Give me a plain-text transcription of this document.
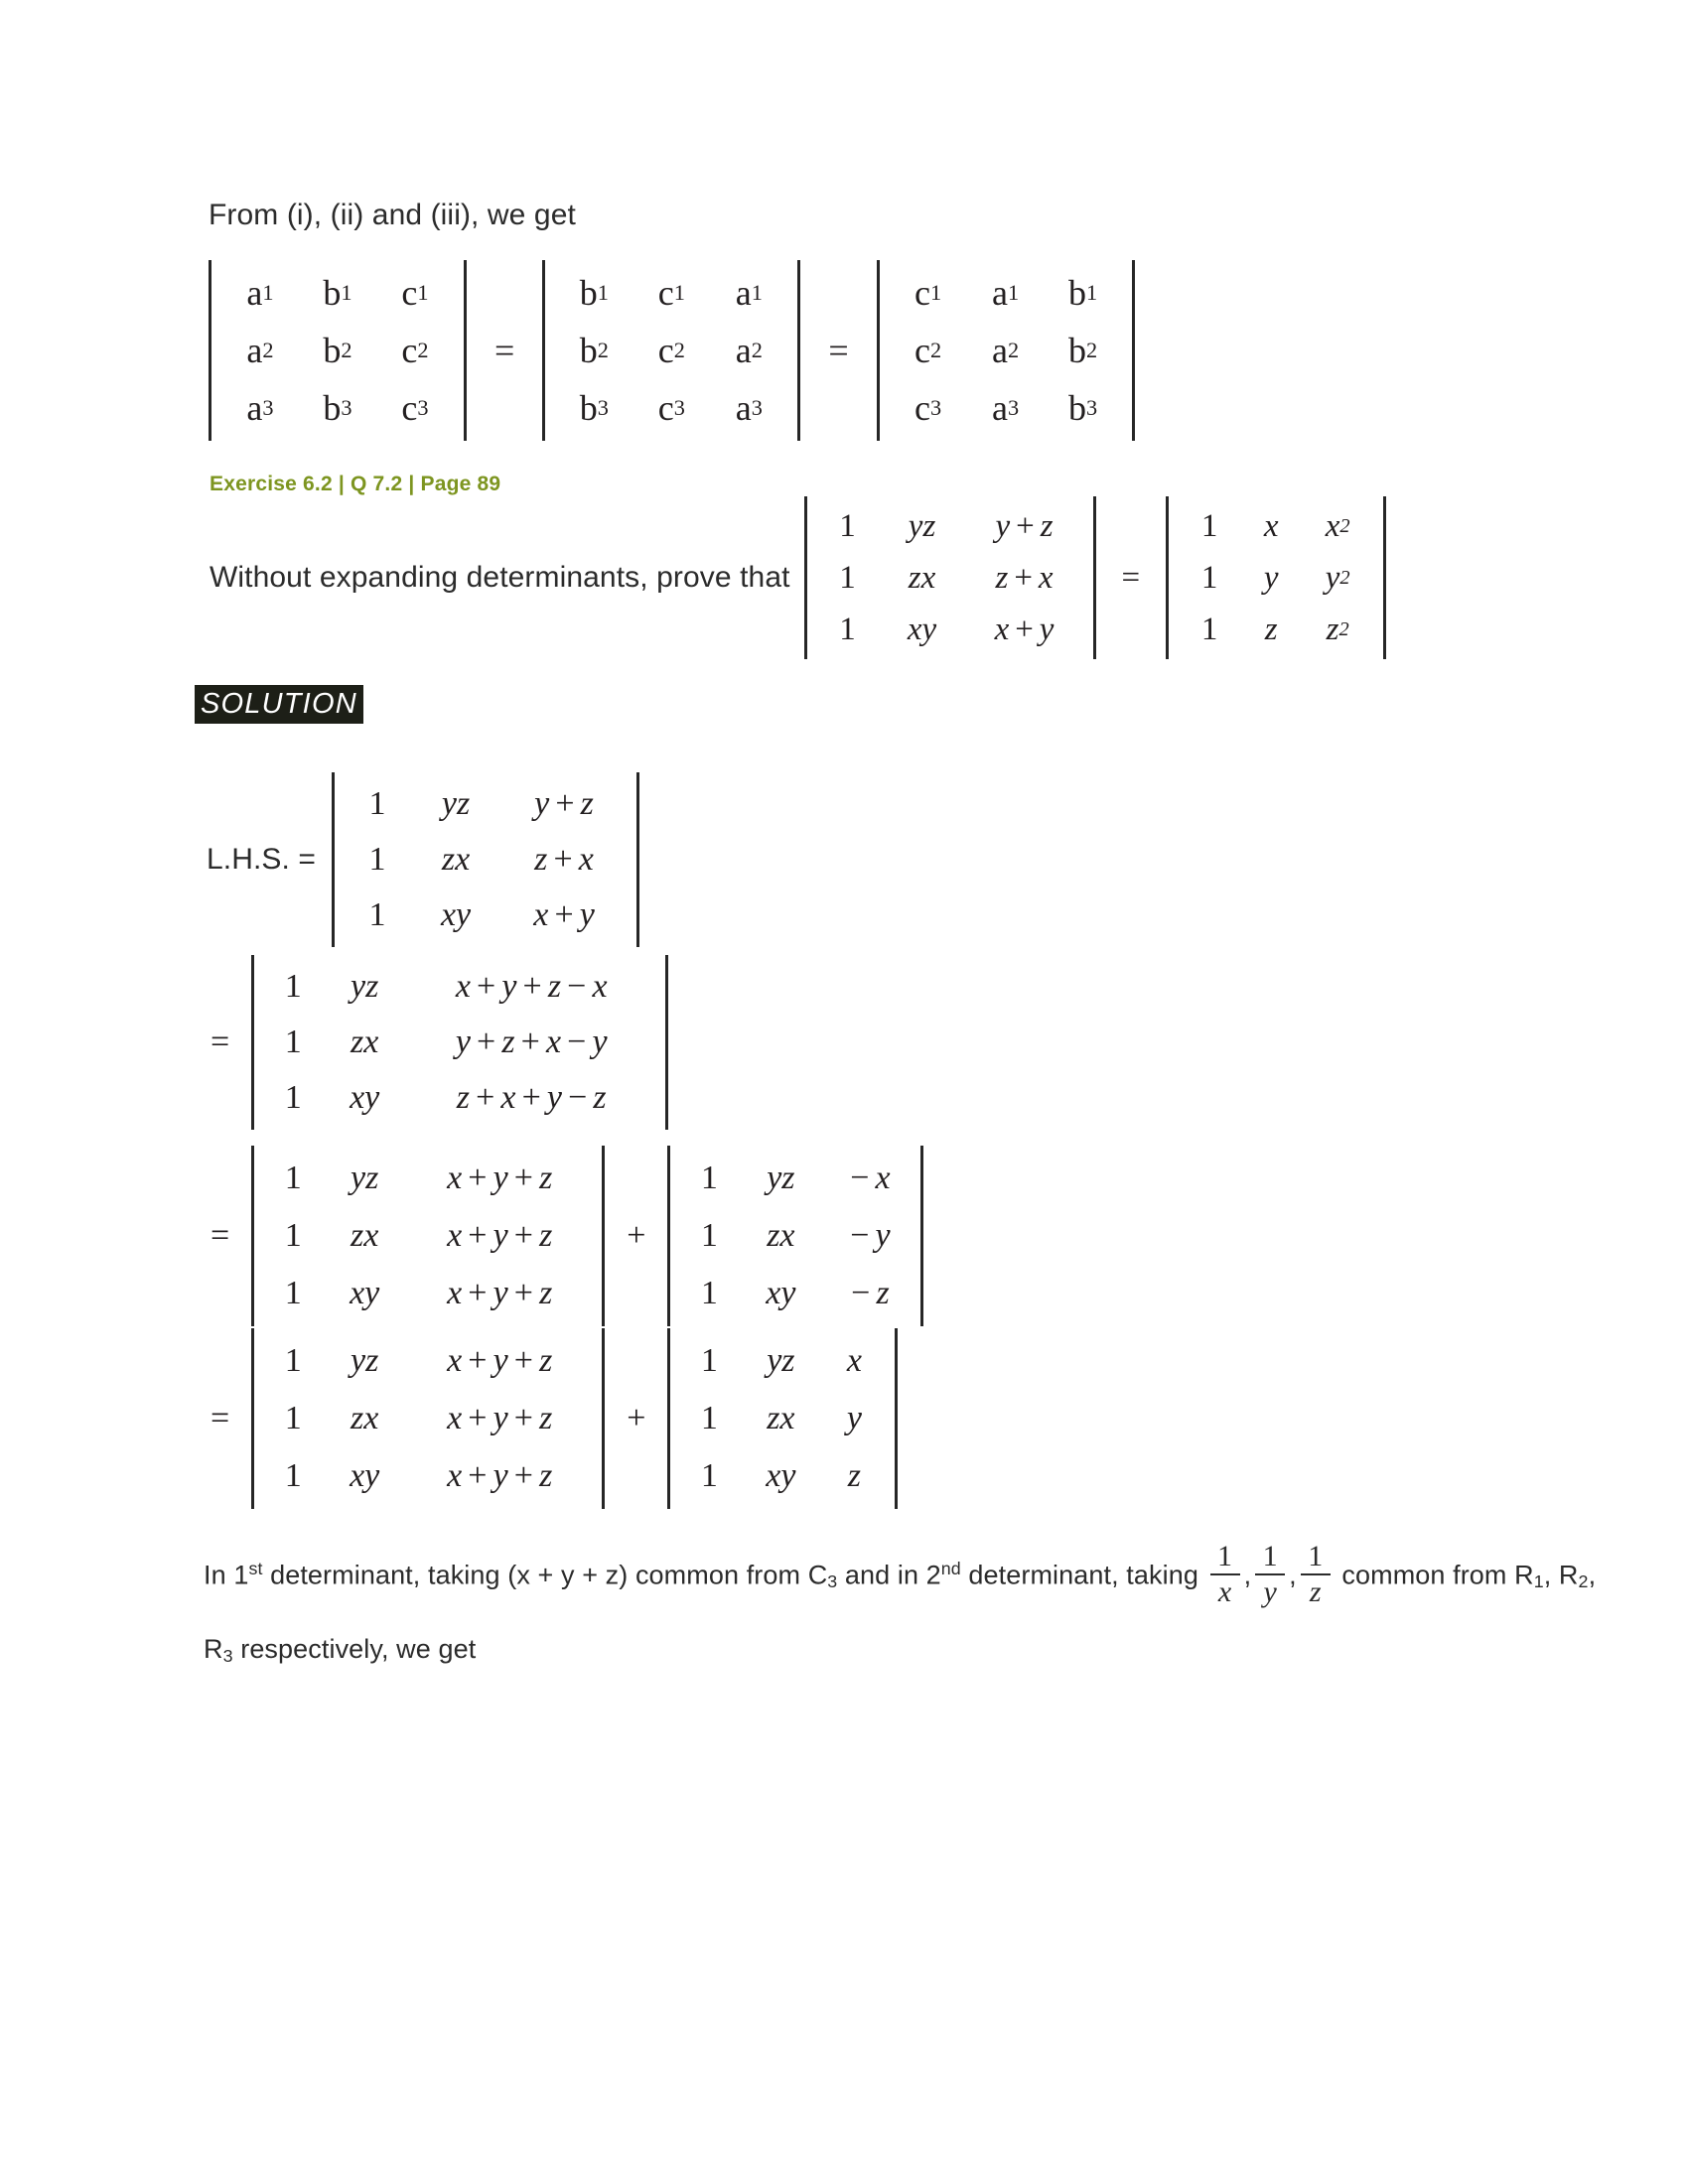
From (i), (ii) and (iii), we get
a 1	b 1	c 1
a 2	b 2	c 2
a 3	b 3	c 3
=
b 1	c 1	a 1
b 2	c 2	a 2
b 3	c 3	a 3
=
c 1	a 1	b 1
c 2	a 2	b 2
c 3	a 3	b 3
Exercise 6.2 | Q 7.2 | Page 89
Without expanding determinants, prove that
1	yz	y + z
1	zx	z + x
1	xy	x + y
=
1	x	x 2
1	y	y 2
1	z	z 2
SOLUTION
L.H.S. =
1	yz	y + z
1	zx	z + x
1	xy	x + y
=
1	yz	x + y + z − x
1	zx	y + z + x − y
1	xy	z + x + y − z
=
1	yz	x + y + z
1	zx	x + y + z
1	xy	x + y + z
+
1	yz	− x
1	zx	− y
1	xy	− z
=
1	yz	x + y + z
1	zx	x + y + z
1	xy	x + y + z
+
1	yz	x
1	zx	y
1	xy	z
In 1st determinant, taking (x + y + z) common from $C_3$ and in 2nd determinant, taking $\frac{1}{x}$ , $\frac{1}{y}$ , $\frac{1}{z}$ common from $R_1$, $R_2$, $R_3$ respectively, we get
